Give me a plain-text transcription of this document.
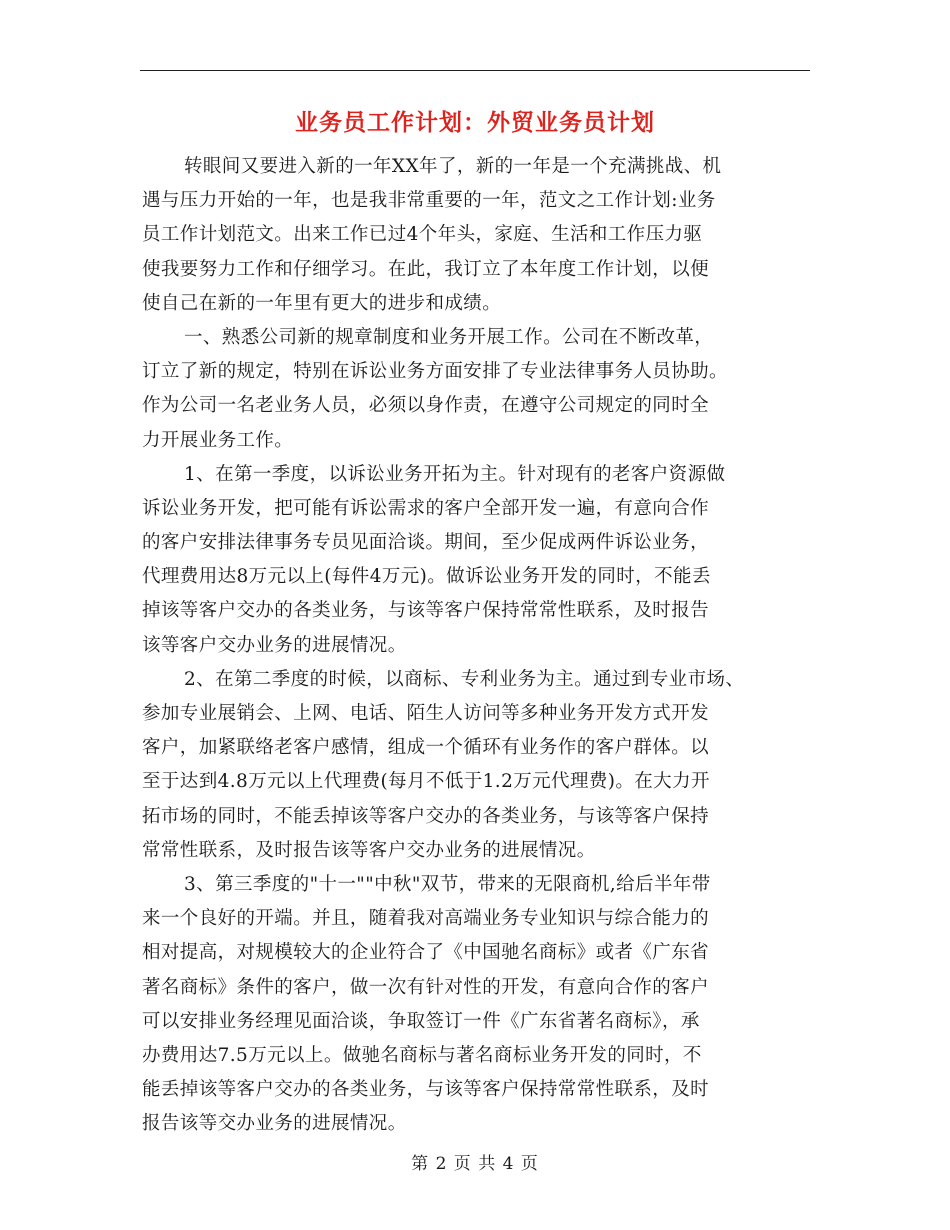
业务员工作计划：外贸业务员计划
转眼间又要进入新的一年XX年了，新的一年是一个充满挑战、机
遇与压力开始的一年，也是我非常重要的一年，范文之工作计划:业务
员工作计划范文。出来工作已过4个年头，家庭、生活和工作压力驱
使我要努力工作和仔细学习。在此，我订立了本年度工作计划，以便
使自己在新的一年里有更大的进步和成绩。
一、熟悉公司新的规章制度和业务开展工作。公司在不断改革，
订立了新的规定，特别在诉讼业务方面安排了专业法律事务人员协助。
作为公司一名老业务人员，必须以身作责，在遵守公司规定的同时全
力开展业务工作。
1、在第一季度，以诉讼业务开拓为主。针对现有的老客户资源做
诉讼业务开发，把可能有诉讼需求的客户全部开发一遍，有意向合作
的客户安排法律事务专员见面洽谈。期间，至少促成两件诉讼业务，
代理费用达8万元以上(每件4万元)。做诉讼业务开发的同时，不能丢
掉该等客户交办的各类业务，与该等客户保持常常性联系，及时报告
该等客户交办业务的进展情况。
2、在第二季度的时候，以商标、专利业务为主。通过到专业市场、
参加专业展销会、上网、电话、陌生人访问等多种业务开发方式开发
客户，加紧联络老客户感情，组成一个循环有业务作的客户群体。以
至于达到4.8万元以上代理费(每月不低于1.2万元代理费)。在大力开
拓市场的同时，不能丢掉该等客户交办的各类业务，与该等客户保持
常常性联系，及时报告该等客户交办业务的进展情况。
3、第三季度的"十一""中秋"双节，带来的无限商机,给后半年带
来一个良好的开端。并且，随着我对高端业务专业知识与综合能力的
相对提高，对规模较大的企业符合了《中国驰名商标》或者《广东省
著名商标》条件的客户，做一次有针对性的开发，有意向合作的客户
可以安排业务经理见面洽谈，争取签订一件《广东省著名商标》，承
办费用达7.5万元以上。做驰名商标与著名商标业务开发的同时，不
能丢掉该等客户交办的各类业务，与该等客户保持常常性联系，及时
报告该等交办业务的进展情况。
第 2 页 共 4 页
